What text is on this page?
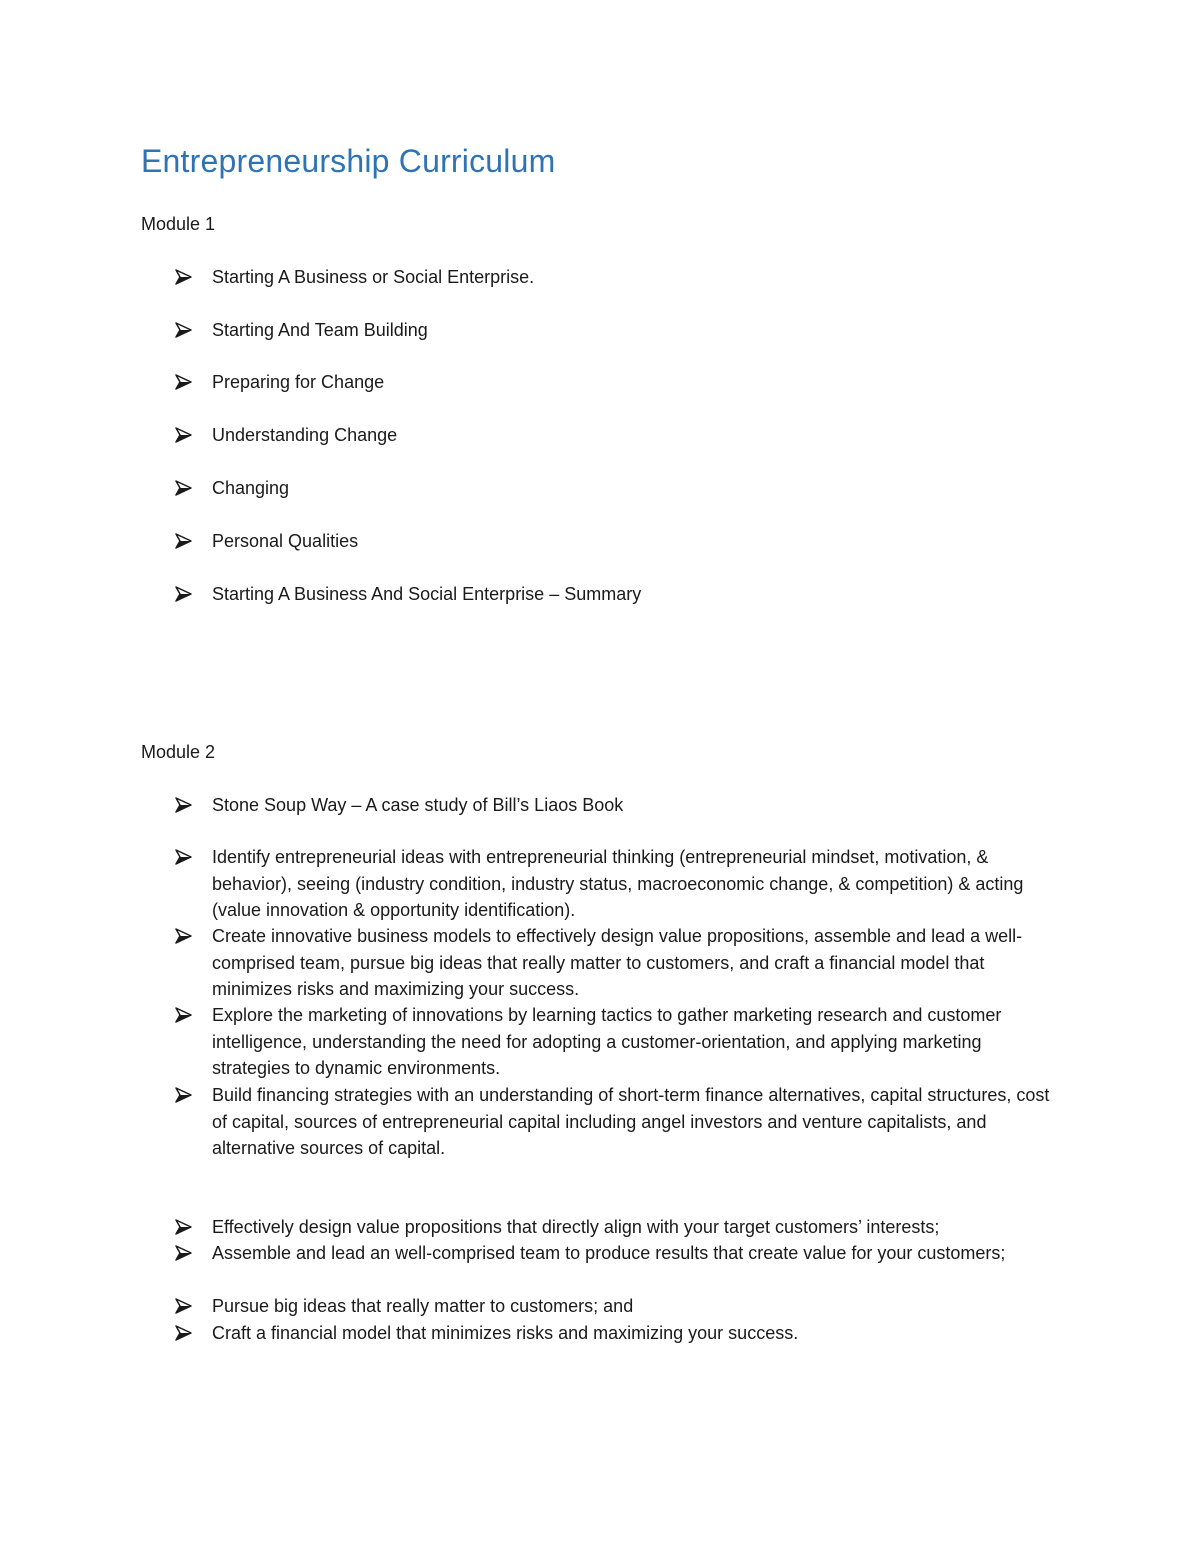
Entrepreneurship Curriculum

Module 1

Starting A Business or Social Enterprise.
Starting And Team Building
Preparing for Change
Understanding Change
Changing
Personal Qualities
Starting A Business And Social Enterprise – Summary

Module 2

Stone Soup Way – A case study of Bill’s Liaos Book
Identify entrepreneurial ideas with entrepreneurial thinking (entrepreneurial mindset, motivation, & behavior), seeing (industry condition, industry status, macroeconomic change, & competition) & acting (value innovation & opportunity identification).
Create innovative business models to effectively design value propositions, assemble and lead a well-comprised team, pursue big ideas that really matter to customers, and craft a financial model that minimizes risks and maximizing your success.
Explore the marketing of innovations by learning tactics to gather marketing research and customer intelligence, understanding the need for adopting a customer-orientation, and applying marketing strategies to dynamic environments.
Build financing strategies with an understanding of short-term finance alternatives, capital structures, cost of capital, sources of entrepreneurial capital including angel investors and venture capitalists, and alternative sources of capital.
Effectively design value propositions that directly align with your target customers’ interests;
Assemble and lead an well-comprised team to produce results that create value for your customers;
Pursue big ideas that really matter to customers; and
Craft a financial model that minimizes risks and maximizing your success.
